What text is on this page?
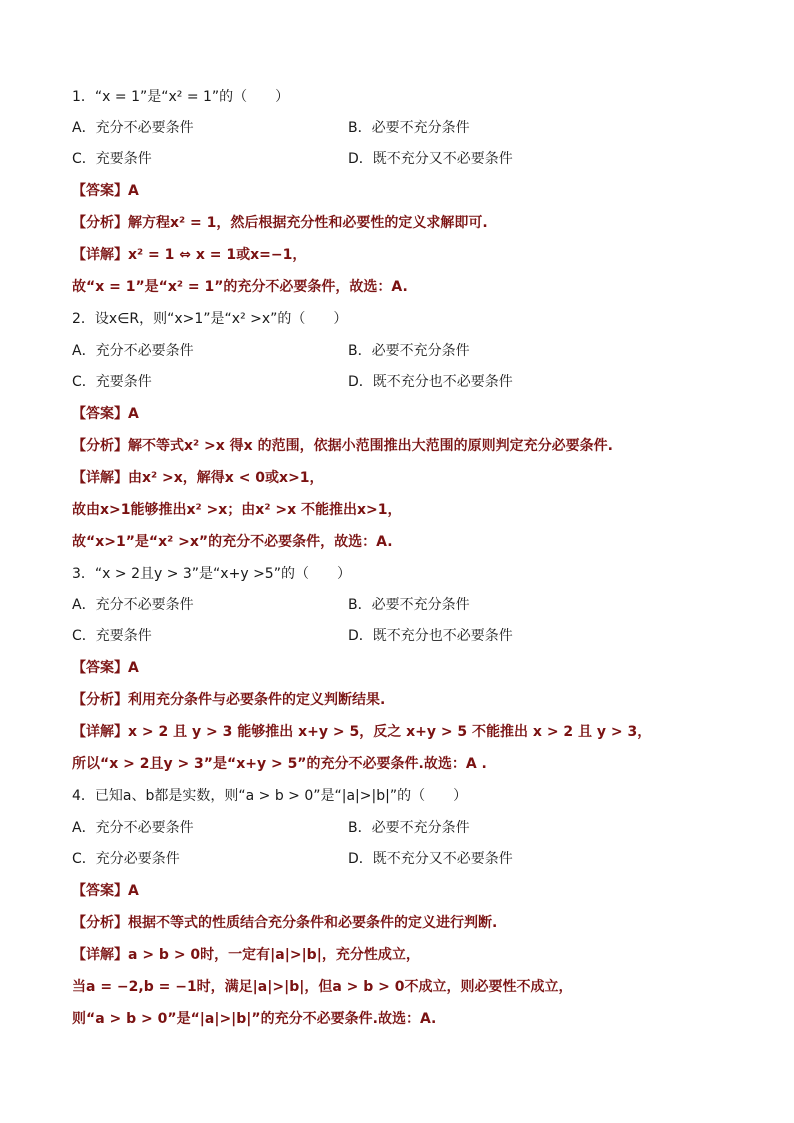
1．“x = 1”是“x² = 1”的（　　）
A．充分不必要条件	B．必要不充分条件
C．充要条件	D．既不充分又不必要条件
【答案】A
【分析】解方程x² = 1，然后根据充分性和必要性的定义求解即可.
【详解】x² = 1 ⇔ x = 1或x=−1，
故“x = 1”是“x² = 1”的充分不必要条件，故选：A.
2．设x∈R，则“x>1”是“x² >x”的（　　）
A．充分不必要条件	B．必要不充分条件
C．充要条件	D．既不充分也不必要条件
【答案】A
【分析】解不等式x² >x 得x 的范围，依据小范围推出大范围的原则判定充分必要条件.
【详解】由x² >x，解得x < 0或x>1，
故由x>1能够推出x² >x；由x² >x 不能推出x>1，
故“x>1”是“x² >x”的充分不必要条件，故选：A.
3．“x > 2且y > 3”是“x+y >5”的（　　）
A．充分不必要条件	B．必要不充分条件
C．充要条件	D．既不充分也不必要条件
【答案】A
【分析】利用充分条件与必要条件的定义判断结果.
【详解】x > 2 且 y > 3 能够推出 x+y > 5，反之 x+y > 5 不能推出 x > 2 且 y > 3，
所以“x > 2且y > 3”是“x+y > 5”的充分不必要条件.故选：A .
4．已知a、b都是实数，则“a > b > 0”是“|a|>|b|”的（　　）
A．充分不必要条件	B．必要不充分条件
C．充分必要条件	D．既不充分又不必要条件
【答案】A
【分析】根据不等式的性质结合充分条件和必要条件的定义进行判断.
【详解】a > b > 0时，一定有|a|>|b|，充分性成立，
当a = −2,b = −1时，满足|a|>|b|，但a > b > 0不成立，则必要性不成立，
则“a > b > 0”是“|a|>|b|”的充分不必要条件.故选：A.
